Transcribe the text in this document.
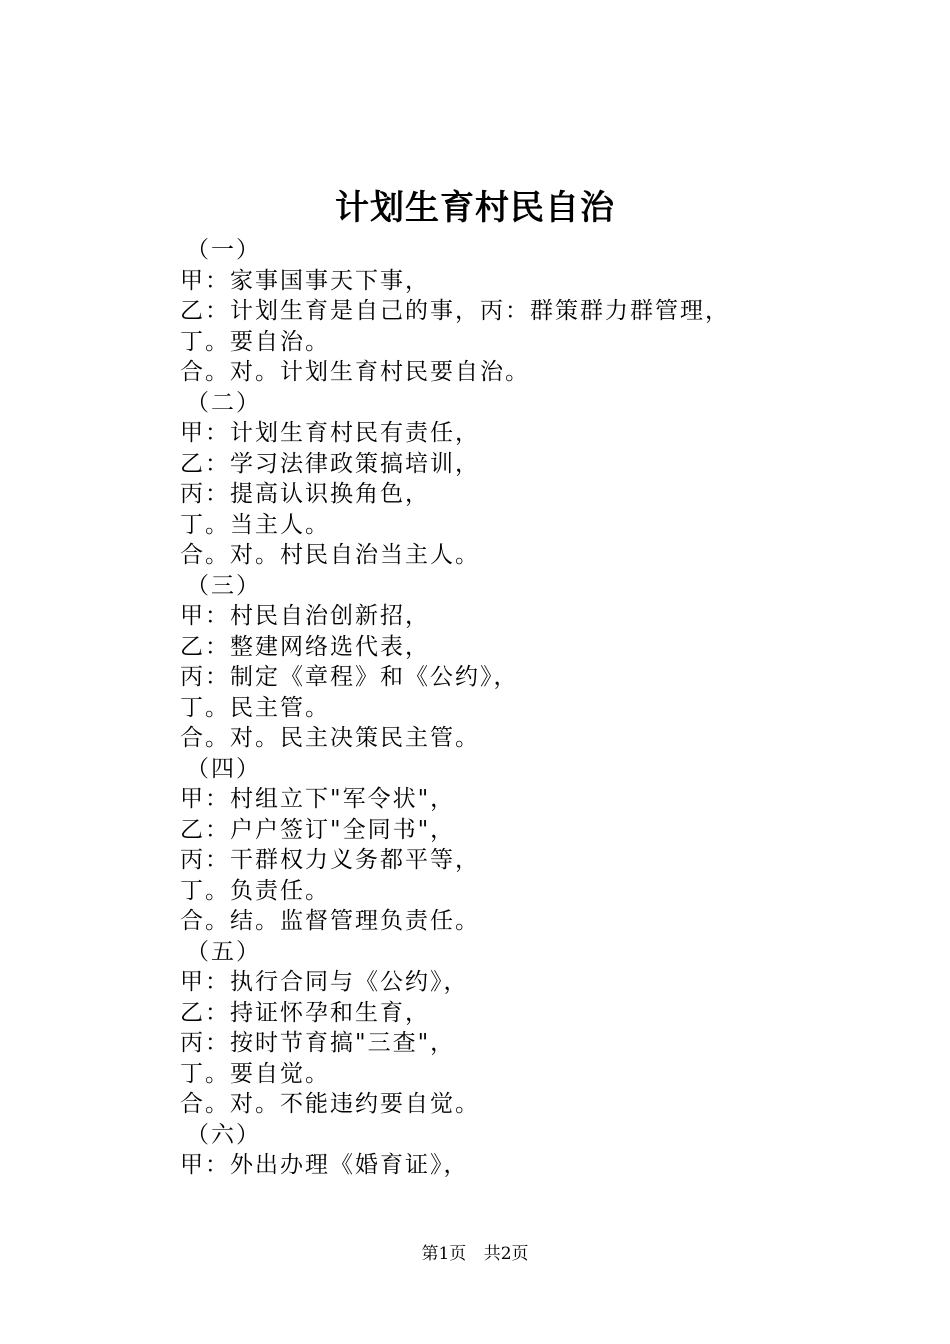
计划生育村民自治
（一）
甲：家事国事天下事，
乙：计划生育是自己的事，丙：群策群力群管理，
丁。要自治。
合。对。计划生育村民要自治。
（二）
甲：计划生育村民有责任，
乙：学习法律政策搞培训，
丙：提高认识换角色，
丁。当主人。
合。对。村民自治当主人。
（三）
甲：村民自治创新招，
乙：整建网络选代表，
丙：制定《章程》和《公约》，
丁。民主管。
合。对。民主决策民主管。
（四）
甲：村组立下"军令状"，
乙：户户签订"全同书"，
丙：干群权力义务都平等，
丁。负责任。
合。结。监督管理负责任。
（五）
甲：执行合同与《公约》，
乙：持证怀孕和生育，
丙：按时节育搞"三查"，
丁。要自觉。
合。对。不能违约要自觉。
（六）
甲：外出办理《婚育证》，
第1页 共2页
